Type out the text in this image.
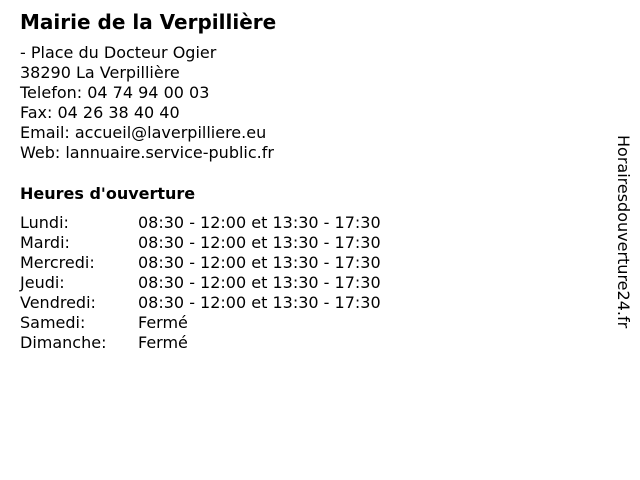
Mairie de la Verpillière
- Place du Docteur Ogier
38290 La Verpillière
Telefon: 04 74 94 00 03
Fax: 04 26 38 40 40
Email: accueil@laverpilliere.eu
Web: lannuaire.service-public.fr
Heures d'ouverture
Lundi:	08:30 - 12:00 et 13:30 - 17:30
Mardi:	08:30 - 12:00 et 13:30 - 17:30
Mercredi:	08:30 - 12:00 et 13:30 - 17:30
Jeudi:	08:30 - 12:00 et 13:30 - 17:30
Vendredi:	08:30 - 12:00 et 13:30 - 17:30
Samedi:	Fermé
Dimanche: Fermé
Horairesdouverture24.fr
